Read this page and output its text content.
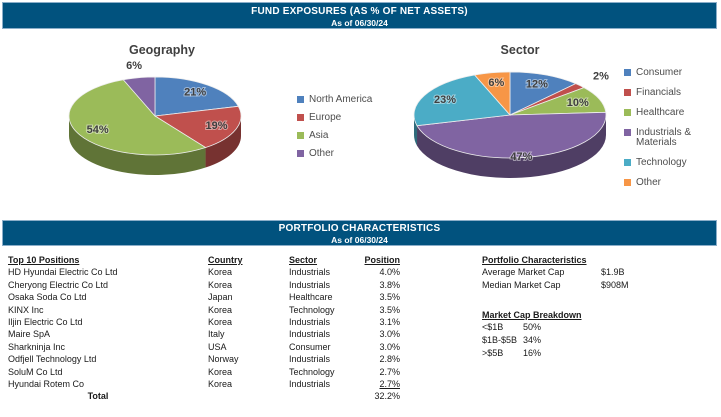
FUND EXPOSURES (AS % OF NET ASSETS)
As of 06/30/24
Geography	Sector
21%
19%
54%
6%
12%
2%
10%
47%
23%
6%
North America
Europe
Asia
Other
Consumer
Financials
Healthcare
Industrials & Materials
Technology
Other
PORTFOLIO CHARACTERISTICS
As of 06/30/24
Top 10 Positions	Country	Sector	Position
HD Hyundai Electric Co Ltd	Korea	Industrials	4.0%
Cheryong Electric Co Ltd	Korea	Industrials	3.8%
Osaka Soda Co Ltd	Japan	Healthcare	3.5%
KINX Inc	Korea	Technology	3.5%
Iljin Electric Co Ltd	Korea	Industrials	3.1%
Maire SpA	Italy	Industrials	3.0%
Sharkninja Inc	USA	Consumer	3.0%
Odfjell Technology Ltd	Norway	Industrials	2.8%
SoluM Co Ltd	Korea	Technology	2.7%
Hyundai Rotem Co	Korea	Industrials	2.7%
Total	32.2%
Portfolio Characteristics
Average Market Cap	$1.9B
Median Market Cap	$908M
Market Cap Breakdown
<$1B	50%
$1B-$5B 34%
>$5B	16%
